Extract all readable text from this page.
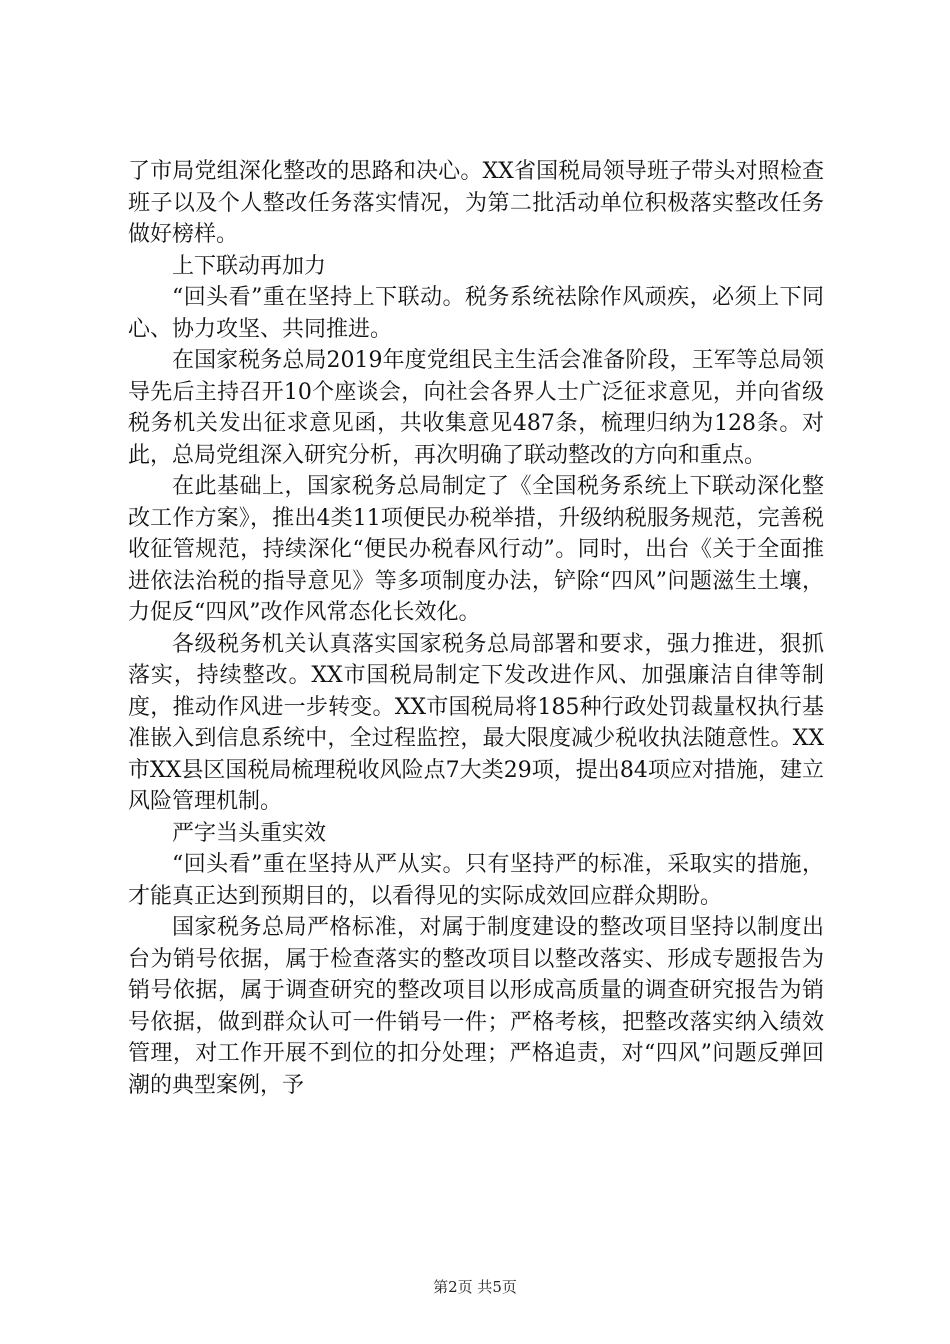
了市局党组深化整改的思路和决心。XX省国税局领导班子带头对照检查班子以及个人整改任务落实情况，为第二批活动单位积极落实整改任务做好榜样。

上下联动再加力

“回头看”重在坚持上下联动。税务系统祛除作风顽疾，必须上下同心、协力攻坚、共同推进。

在国家税务总局2019年度党组民主生活会准备阶段，王军等总局领导先后主持召开10个座谈会，向社会各界人士广泛征求意见，并向省级税务机关发出征求意见函，共收集意见487条，梳理归纳为128条。对此，总局党组深入研究分析，再次明确了联动整改的方向和重点。

在此基础上，国家税务总局制定了《全国税务系统上下联动深化整改工作方案》，推出4类11项便民办税举措，升级纳税服务规范，完善税收征管规范，持续深化“便民办税春风行动”。同时，出台《关于全面推进依法治税的指导意见》等多项制度办法，铲除“四风”问题滋生土壤，力促反“四风”改作风常态化长效化。

各级税务机关认真落实国家税务总局部署和要求，强力推进，狠抓落实，持续整改。XX市国税局制定下发改进作风、加强廉洁自律等制度，推动作风进一步转变。XX市国税局将185种行政处罚裁量权执行基准嵌入到信息系统中，全过程监控，最大限度减少税收执法随意性。XX市XX县区国税局梳理税收风险点7大类29项，提出84项应对措施，建立风险管理机制。

严字当头重实效

“回头看”重在坚持从严从实。只有坚持严的标准，采取实的措施，才能真正达到预期目的，以看得见的实际成效回应群众期盼。

国家税务总局严格标准，对属于制度建设的整改项目坚持以制度出台为销号依据，属于检查落实的整改项目以整改落实、形成专题报告为销号依据，属于调查研究的整改项目以形成高质量的调查研究报告为销号依据，做到群众认可一件销号一件；严格考核，把整改落实纳入绩效管理，对工作开展不到位的扣分处理；严格追责，对“四风”问题反弹回潮的典型案例，予

第2页 共5页
